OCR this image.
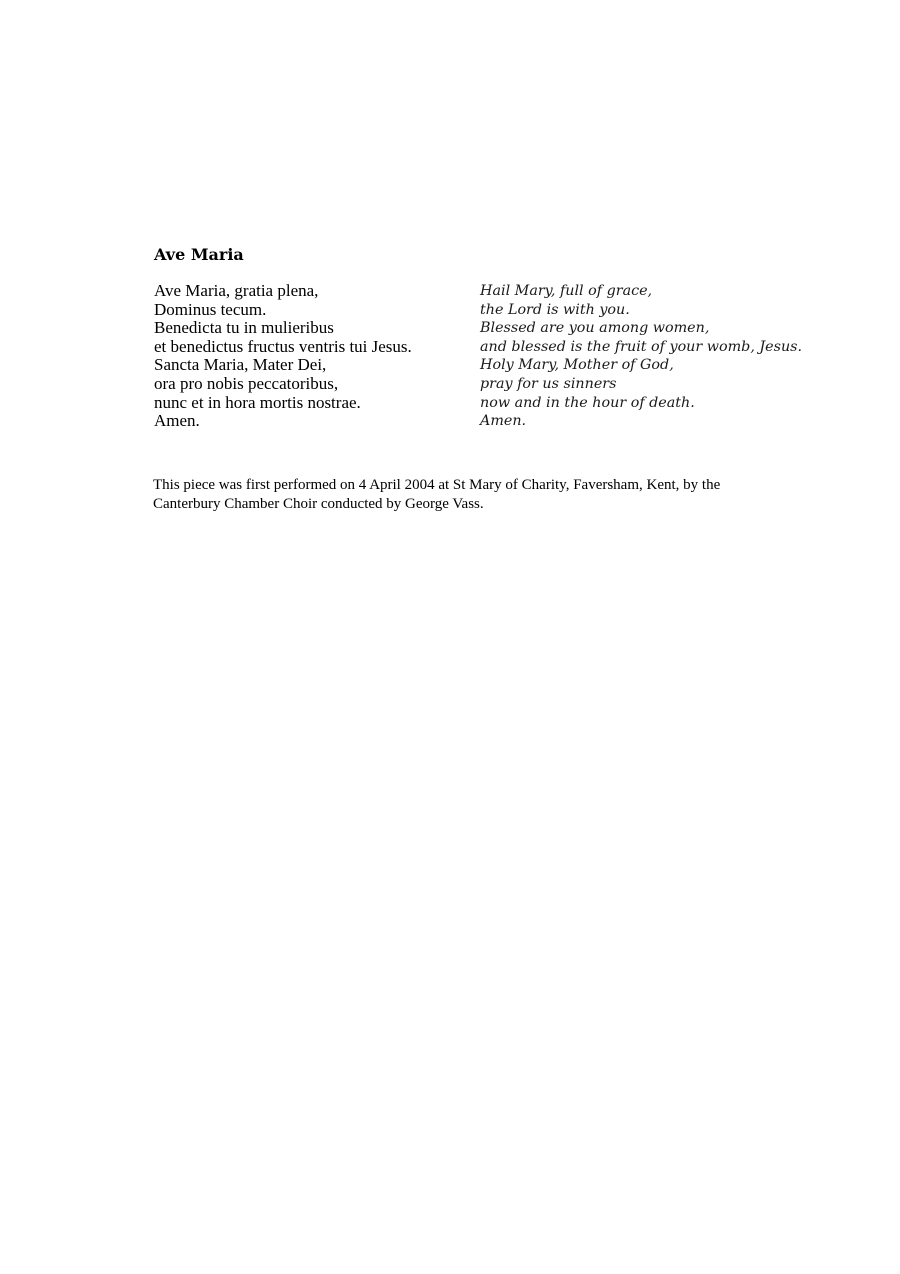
Ave Maria
Ave Maria, gratia plena,
Dominus tecum.
Benedicta tu in mulieribus
et benedictus fructus ventris tui Jesus.
Sancta Maria, Mater Dei,
ora pro nobis peccatoribus,
nunc et in hora mortis nostrae.
Amen.
Hail Mary, full of grace,
the Lord is with you.
Blessed are you among women,
and blessed is the fruit of your womb, Jesus.
Holy Mary, Mother of God,
pray for us sinners
now and in the hour of death.
Amen.
This piece was first performed on 4 April 2004 at St Mary of Charity, Faversham, Kent, by the
Canterbury Chamber Choir conducted by George Vass.
